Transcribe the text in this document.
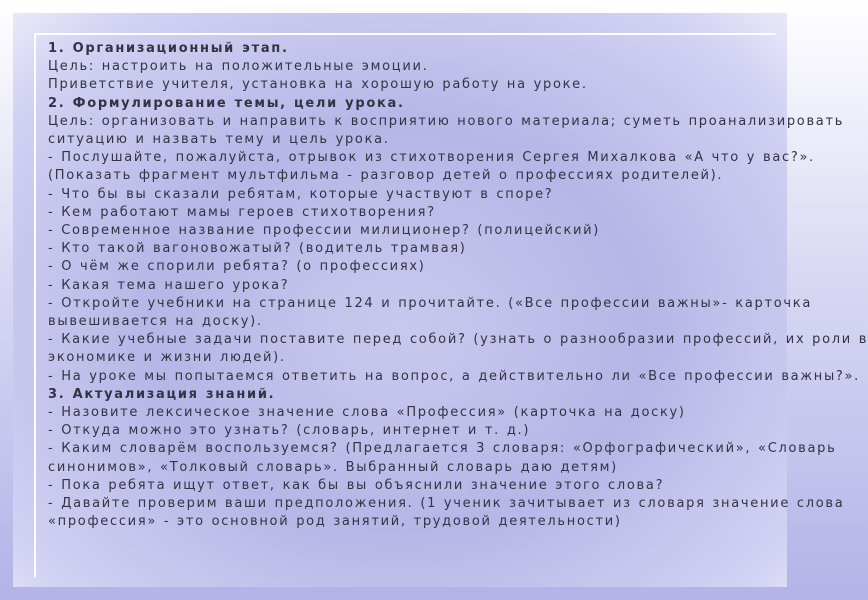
1. Организационный этап.
Цель: настроить на положительные эмоции.
Приветствие учителя, установка на хорошую работу на уроке.
2. Формулирование темы, цели урока.
Цель: организовать и направить к восприятию нового материала; суметь проанализировать
ситуацию и назвать тему и цель урока.
- Послушайте, пожалуйста, отрывок из стихотворения Сергея Михалкова «А что у вас?».
(Показать фрагмент мультфильма - разговор детей о профессиях родителей).
- Что бы вы сказали ребятам, которые участвуют в споре?
- Кем работают мамы героев стихотворения?
- Современное название профессии милиционер? (полицейский)
- Кто такой вагоновожатый? (водитель трамвая)
- О чём же спорили ребята? (о профессиях)
- Какая тема нашего урока?
- Откройте учебники на странице 124 и прочитайте. («Все профессии важны»- карточка
вывешивается на доску).
- Какие учебные задачи поставите перед собой? (узнать о разнообразии профессий, их роли в
экономике и жизни людей).
- На уроке мы попытаемся ответить на вопрос, а действительно ли «Все профессии важны?».
3. Актуализация знаний.
- Назовите лексическое значение слова «Профессия» (карточка на доску)
- Откуда можно это узнать? (словарь, интернет и т. д.)
- Каким словарём воспользуемся? (Предлагается 3 словаря: «Орфографический», «Словарь
синонимов», «Толковый словарь». Выбранный словарь даю детям)
- Пока ребята ищут ответ, как бы вы объяснили значение этого слова?
- Давайте проверим ваши предположения. (1 ученик зачитывает из словаря значение слова
«профессия» - это основной род занятий, трудовой деятельности)
